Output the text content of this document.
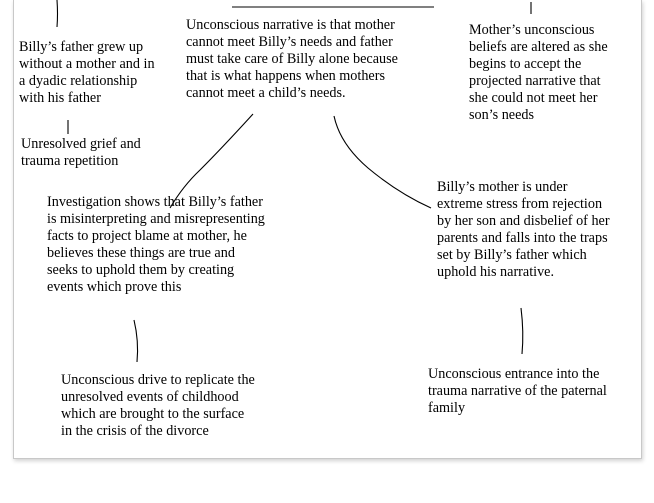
Billy’s father grew up
without a mother and in
a dyadic relationship
with his father

Unconscious narrative is that mother
cannot meet Billy’s needs and father
must take care of Billy alone because
that is what happens when mothers
cannot meet a child’s needs.

Mother’s unconscious
beliefs are altered as she
begins to accept the
projected narrative that
she could not meet her
son’s needs

Unresolved grief and
trauma repetition

Investigation shows that Billy’s father
is misinterpreting and misrepresenting
facts to project blame at mother, he
believes these things are true and
seeks to uphold them by creating
events which prove this

Billy’s mother is under
extreme stress from rejection
by her son and disbelief of her
parents and falls into the traps
set by Billy’s father which
uphold his narrative.

Unconscious drive to replicate the
unresolved events of childhood
which are brought to the surface
in the crisis of the divorce

Unconscious entrance into the
trauma narrative of the paternal
family
